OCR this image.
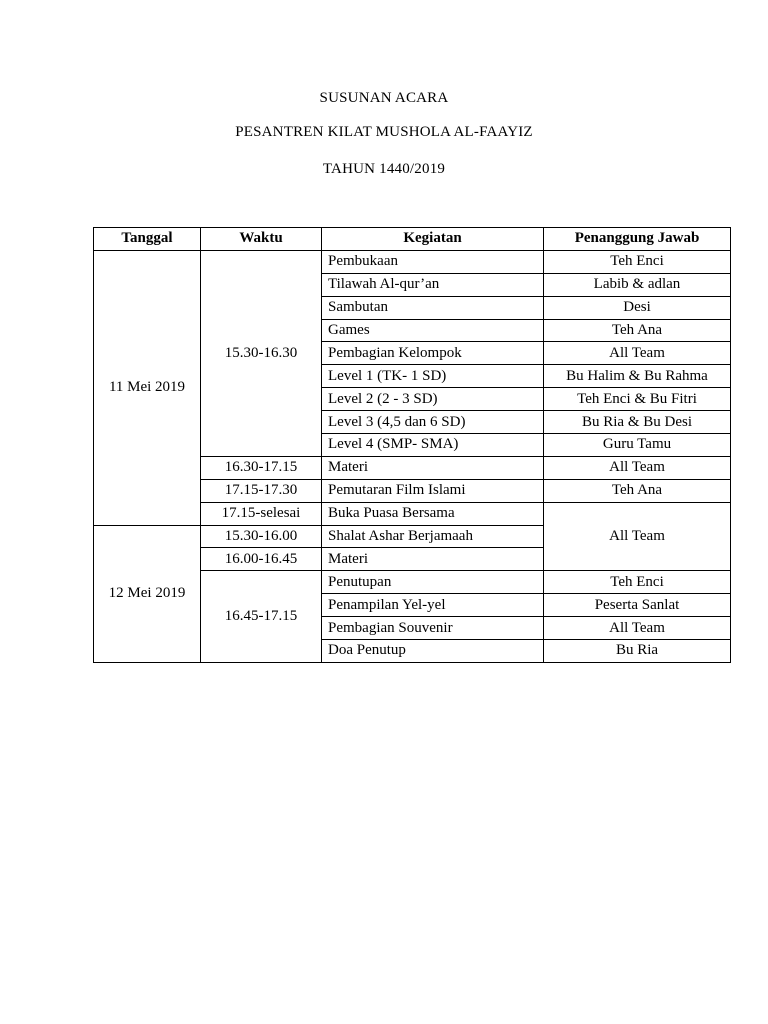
SUSUNAN ACARA
PESANTREN KILAT MUSHOLA AL-FAAYIZ
TAHUN 1440/2019
Tanggal	Waktu	Kegiatan	Penanggung Jawab
11 Mei 2019	15.30-16.30	Pembukaan	Teh Enci
		Tilawah Al-qur’an	Labib & adlan
		Sambutan	Desi
		Games	Teh Ana
		Pembagian Kelompok	All Team
		Level 1 (TK- 1 SD)	Bu Halim & Bu Rahma
		Level 2 (2 - 3 SD)	Teh Enci & Bu Fitri
		Level 3 (4,5 dan 6 SD)	Bu Ria & Bu Desi
		Level 4 (SMP- SMA)	Guru Tamu
	16.30-17.15	Materi	All Team
	17.15-17.30	Pemutaran Film Islami	Teh Ana
	17.15-selesai	Buka Puasa Bersama	All Team
12 Mei 2019	15.30-16.00	Shalat Ashar Berjamaah	
	16.00-16.45	Materi	
	16.45-17.15	Penutupan	Teh Enci
		Penampilan Yel-yel	Peserta Sanlat
		Pembagian Souvenir	All Team
		Doa Penutup	Bu Ria
